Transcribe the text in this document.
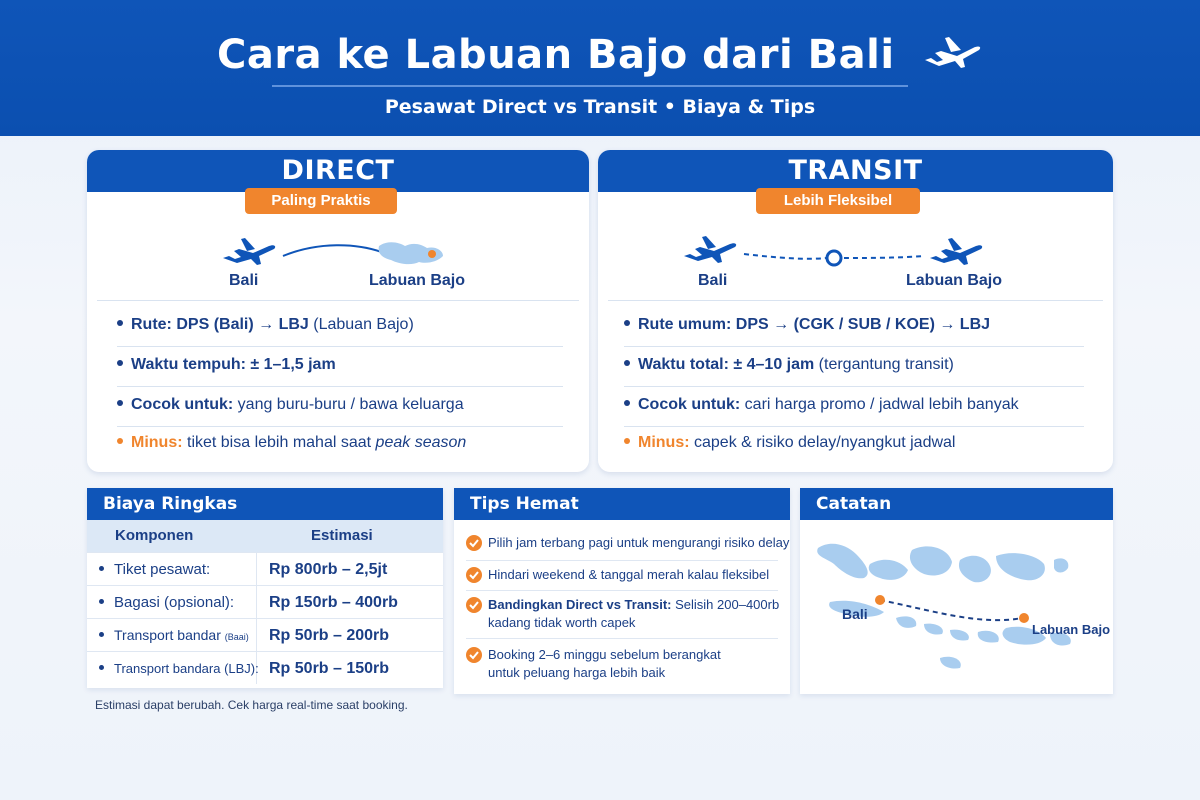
Cara ke Labuan Bajo dari Bali
Pesawat Direct vs Transit • Biaya & Tips
DIRECT
Paling Praktis
Bali	Labuan Bajo
Rute: DPS (Bali) → LBJ (Labuan Bajo)
Waktu tempuh: ± 1–1,5 jam
Cocok untuk: yang buru-buru / bawa keluarga
Minus: tiket bisa lebih mahal saat peak season
TRANSIT
Lebih Fleksibel
Bali	Labuan Bajo
Rute umum: DPS → (CGK / SUB / KOE) → LBJ
Waktu total: ± 4–10 jam (tergantung transit)
Cocok untuk: cari harga promo / jadwal lebih banyak
Minus: capek & risiko delay/nyangkut jadwal
Biaya Ringkas
Komponen	Estimasi
Tiket pesawat:	Rp 800rb – 2,5jt
Bagasi (opsional):	Rp 150rb – 400rb
Transport bandar (Baai)	Rp 50rb – 200rb
Transport bandara (LBJ): Rp 50rb – 150rb
Estimasi dapat berubah. Cek harga real-time saat booking.
Tips Hemat
Pilih jam terbang pagi untuk mengurangi risiko delay
Hindari weekend & tanggal merah kalau fleksibel
Bandingkan Direct vs Transit: Selisih 200–400rb kadang tidak worth capek
Booking 2–6 minggu sebelum berangkat untuk peluang harga lebih baik
Catatan
Bali
Labuan Bajo
